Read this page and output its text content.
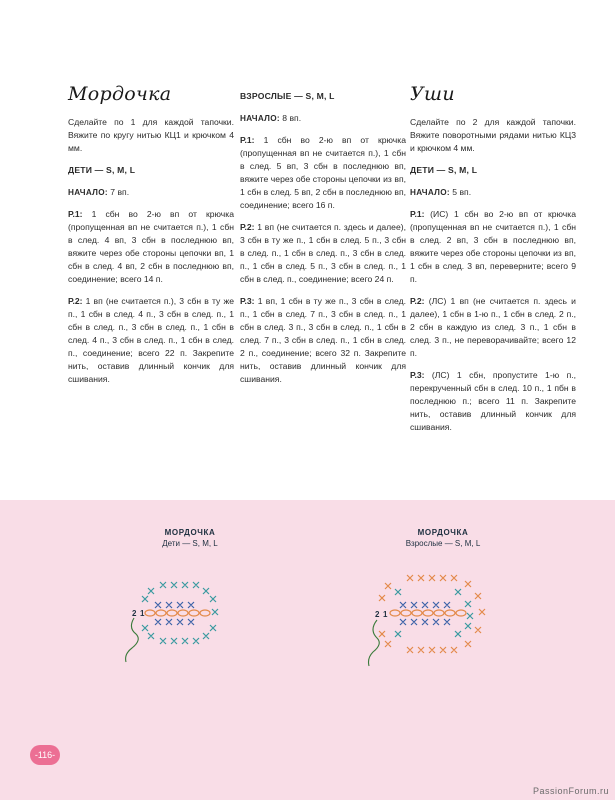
Мордочка

Сделайте по 1 для каждой тапочки. Вяжите по кругу нитью КЦ1 и крючком 4 мм.

ДЕТИ — S, M, L

НАЧАЛО: 7 вп.

Р.1: 1 сбн во 2-ю вп от крючка (пропущенная вп не считается п.), 1 сбн в след. 4 вп, 3 сбн в последнюю вп, вяжите через обе стороны цепочки вп, 1 сбн в след. 4 вп, 2 сбн в последнюю вп, соединение; всего 14 п.

Р.2: 1 вп (не считается п.), 3 сбн в ту же п., 1 сбн в след. 4 п., 3 сбн в след. п., 1 сбн в след. п., 3 сбн в след. п., 1 сбн в след. 4 п., 3 сбн в след. п., 1 сбн в след. п., соединение; всего 22 п. Закрепите нить, оставив длинный кончик для сшивания.

ВЗРОСЛЫЕ — S, M, L

НАЧАЛО: 8 вп.

Р.1: 1 сбн во 2-ю вп от крючка (пропущенная вп не считается п.), 1 сбн в след. 5 вп, 3 сбн в последнюю вп, вяжите через обе стороны цепочки из вп, 1 сбн в след. 5 вп, 2 сбн в последнюю вп, соединение; всего 16 п.

Р.2: 1 вп (не считается п. здесь и далее), 3 сбн в ту же п., 1 сбн в след. 5 п., 3 сбн в след. п., 1 сбн в след. п., 3 сбн в след. п., 1 сбн в след. 5 п., 3 сбн в след. п., 1 сбн в след. п., соединение; всего 24 п.

Р.3: 1 вп, 1 сбн в ту же п., 3 сбн в след. п., 1 сбн в след. 7 п., 3 сбн в след. п., 1 сбн в след. 3 п., 3 сбн в след. п., 1 сбн в след. 7 п., 3 сбн в след. п., 1 сбн в след. 2 п., соединение; всего 32 п. Закрепите нить, оставив длинный кончик для сшивания.

Уши

Сделайте по 2 для каждой тапочки. Вяжите поворотными рядами нитью КЦ3 и крючком 4 мм.

ДЕТИ — S, M, L

НАЧАЛО: 5 вп.

Р.1: (ИС) 1 сбн во 2-ю вп от крючка (пропущенная вп не считается п.), 1 сбн в след. 2 вп, 3 сбн в последнюю вп, вяжите через обе стороны цепочки из вп, 1 сбн в след. 3 вп, переверните; всего 9 п.

Р.2: (ЛС) 1 вп (не считается п. здесь и далее), 1 сбн в 1-ю п., 1 сбн в след. 2 п., 2 сбн в каждую из след. 3 п., 1 сбн в след. 3 п., не переворачивайте; всего 12 п.

Р.3: (ЛС) 1 сбн, пропустите 1-ю п., перекрученный сбн в след. 10 п., 1 пбн в последнюю п.; всего 11 п. Закрепите нить, оставив длинный кончик для сшивания.

МОРДОЧКА
Дети — S, M, L
МОРДОЧКА
Взрослые — S, M, L
2 1	2 1
-116-
PassionForum.ru
